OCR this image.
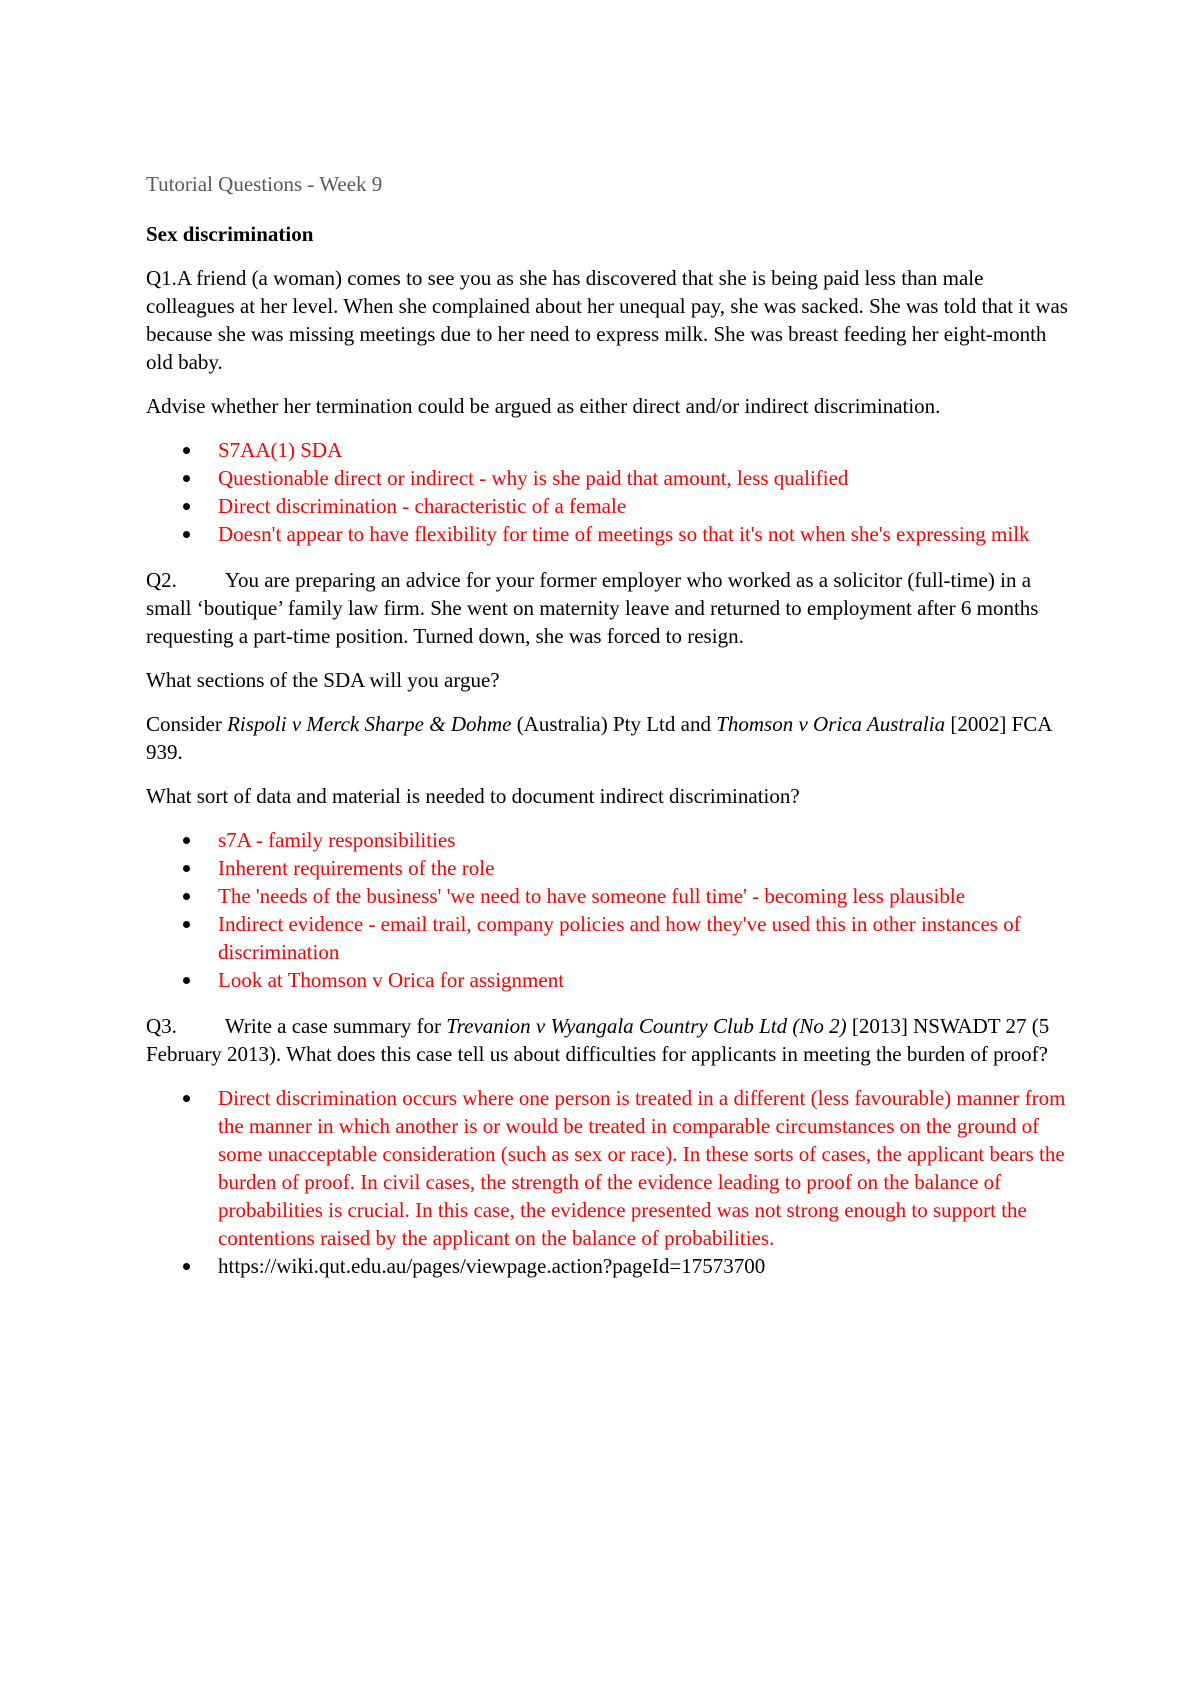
Tutorial Questions - Week 9
Sex discrimination

Q1.A friend (a woman) comes to see you as she has discovered that she is being paid less than male colleagues at her level. When she complained about her unequal pay, she was sacked. She was told that it was because she was missing meetings due to her need to express milk. She was breast feeding her eight-month old baby.

Advise whether her termination could be argued as either direct and/or indirect discrimination.

S7AA(1) SDA
Questionable direct or indirect - why is she paid that amount, less qualified
Direct discrimination - characteristic of a female
Doesn't appear to have flexibility for time of meetings so that it's not when she's expressing milk

Q2. You are preparing an advice for your former employer who worked as a solicitor (full-time) in a small ‘boutique’ family law firm. She went on maternity leave and returned to employment after 6 months requesting a part-time position. Turned down, she was forced to resign.

What sections of the SDA will you argue?

Consider Rispoli v Merck Sharpe & Dohme (Australia) Pty Ltd and Thomson v Orica Australia [2002] FCA 939.

What sort of data and material is needed to document indirect discrimination?

s7A - family responsibilities
Inherent requirements of the role
The 'needs of the business' 'we need to have someone full time' - becoming less plausible
Indirect evidence - email trail, company policies and how they've used this in other instances of discrimination
Look at Thomson v Orica for assignment

Q3. Write a case summary for Trevanion v Wyangala Country Club Ltd (No 2) [2013] NSWADT 27 (5 February 2013). What does this case tell us about difficulties for applicants in meeting the burden of proof?

Direct discrimination occurs where one person is treated in a different (less favourable) manner from the manner in which another is or would be treated in comparable circumstances on the ground of some unacceptable consideration (such as sex or race). In these sorts of cases, the applicant bears the burden of proof. In civil cases, the strength of the evidence leading to proof on the balance of probabilities is crucial. In this case, the evidence presented was not strong enough to support the contentions raised by the applicant on the balance of probabilities.
https://wiki.qut.edu.au/pages/viewpage.action?pageId=17573700
